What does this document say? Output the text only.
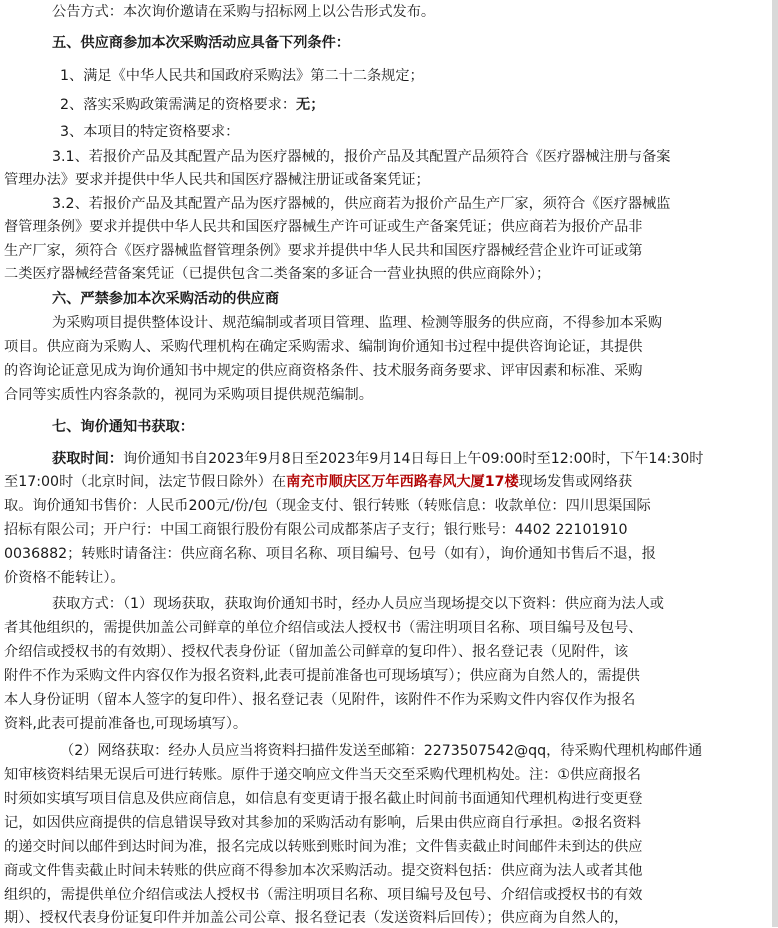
公告方式：本次询价邀请在采购与招标网上以公告形式发布。
五、供应商参加本次采购活动应具备下列条件：
1、满足《中华人民共和国政府采购法》第二十二条规定；
2、落实采购政策需满足的资格要求：无；
3、本项目的特定资格要求：
3.1、若报价产品及其配置产品为医疗器械的，报价产品及其配置产品须符合《医疗器械注册与备案
管理办法》要求并提供中华人民共和国医疗器械注册证或备案凭证；
3.2、若报价产品及其配置产品为医疗器械的，供应商若为报价产品生产厂家，须符合《医疗器械监
督管理条例》要求并提供中华人民共和国医疗器械生产许可证或生产备案凭证；供应商若为报价产品非
生产厂家，须符合《医疗器械监督管理条例》要求并提供中华人民共和国医疗器械经营企业许可证或第
二类医疗器械经营备案凭证（已提供包含二类备案的多证合一营业执照的供应商除外）；
六、严禁参加本次采购活动的供应商
为采购项目提供整体设计、规范编制或者项目管理、监理、检测等服务的供应商，不得参加本采购
项目。供应商为采购人、采购代理机构在确定采购需求、编制询价通知书过程中提供咨询论证，其提供
的咨询论证意见成为询价通知书中规定的供应商资格条件、技术服务商务要求、评审因素和标准、采购
合同等实质性内容条款的，视同为采购项目提供规范编制。
七、询价通知书获取：
获取时间：询价通知书自2023年9月8日至2023年9月14日每日上午09:00时至12:00时，下午14:30时
至17:00时（北京时间，法定节假日除外）在南充市顺庆区万年西路春风大厦17楼现场发售或网络获
取。询价通知书售价：人民币200元/份/包（现金支付、银行转账（转账信息：收款单位：四川思渠国际
招标有限公司；开户行：中国工商银行股份有限公司成都茶店子支行；银行账号：4402 22101910
0036882；转账时请备注：供应商名称、项目名称、项目编号、包号（如有），询价通知书售后不退，报
价资格不能转让）。
获取方式：（1）现场获取，获取询价通知书时，经办人员应当现场提交以下资料：供应商为法人或
者其他组织的，需提供加盖公司鲜章的单位介绍信或法人授权书（需注明项目名称、项目编号及包号、
介绍信或授权书的有效期）、授权代表身份证（留加盖公司鲜章的复印件）、报名登记表（见附件，该
附件不作为采购文件内容仅作为报名资料,此表可提前准备也可现场填写）；供应商为自然人的，需提供
本人身份证明（留本人签字的复印件）、报名登记表（见附件，该附件不作为采购文件内容仅作为报名
资料,此表可提前准备也,可现场填写）。
（2）网络获取：经办人员应当将资料扫描件发送至邮箱：2273507542@qq，待采购代理机构邮件通
知审核资料结果无误后可进行转账。原件于递交响应文件当天交至采购代理机构处。注：①供应商报名
时须如实填写项目信息及供应商信息，如信息有变更请于报名截止时间前书面通知代理机构进行变更登
记，如因供应商提供的信息错误导致对其参加的采购活动有影响，后果由供应商自行承担。②报名资料
的递交时间以邮件到达时间为准，报名完成以转账到账时间为准；文件售卖截止时间邮件未到达的供应
商或文件售卖截止时间未转账的供应商不得参加本次采购活动。提交资料包括：供应商为法人或者其他
组织的，需提供单位介绍信或法人授权书（需注明项目名称、项目编号及包号、介绍信或授权书的有效
期）、授权代表身份证复印件并加盖公司公章、报名登记表（发送资料后回传）；供应商为自然人的，
